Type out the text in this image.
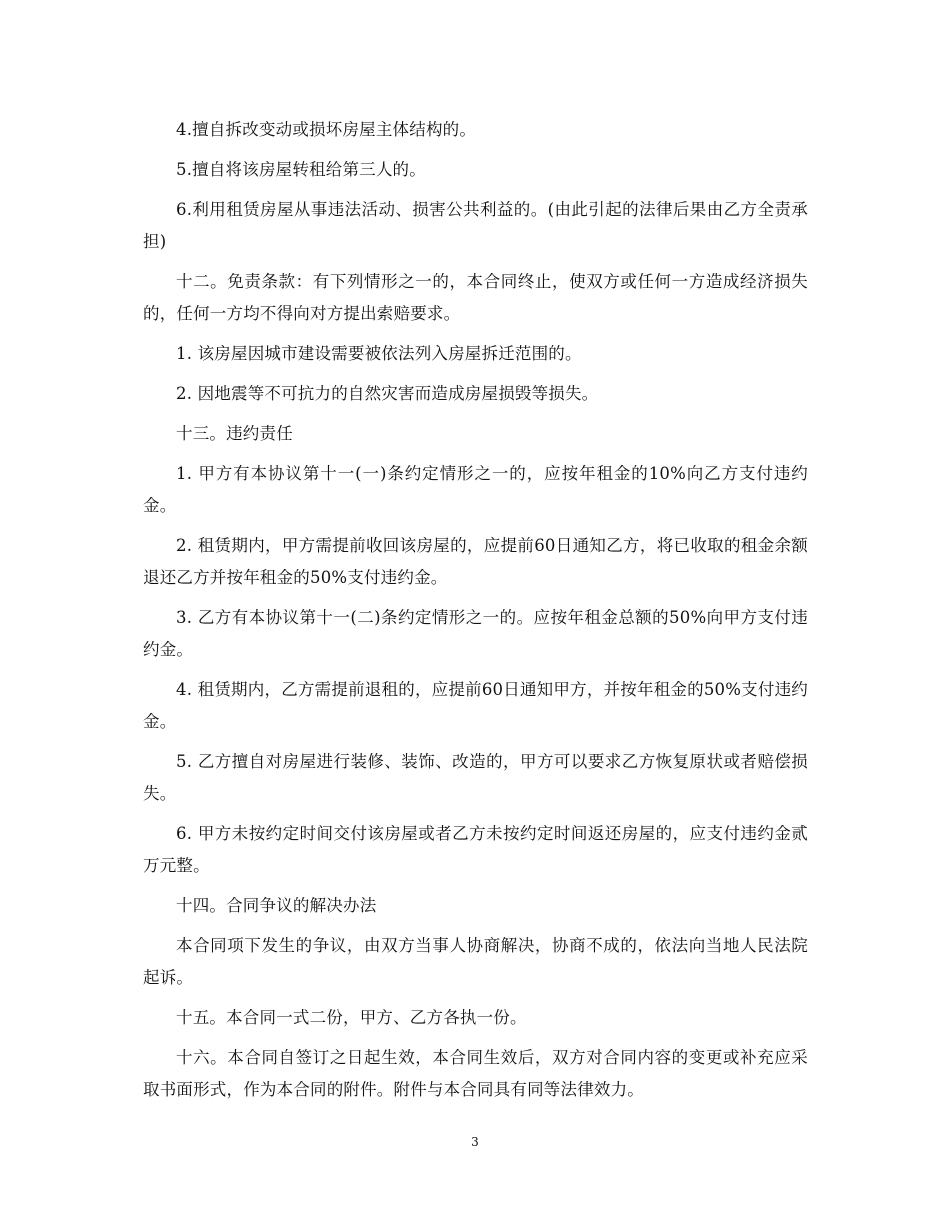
4.擅自拆改变动或损坏房屋主体结构的。

5.擅自将该房屋转租给第三人的。

6.利用租赁房屋从事违法活动、损害公共利益的。(由此引起的法律后果由乙方全责承担)

十二。免责条款：有下列情形之一的，本合同终止，使双方或任何一方造成经济损失的，任何一方均不得向对方提出索赔要求。

1. 该房屋因城市建设需要被依法列入房屋拆迁范围的。

2. 因地震等不可抗力的自然灾害而造成房屋损毁等损失。

十三。违约责任

1. 甲方有本协议第十一(一)条约定情形之一的，应按年租金的10%向乙方支付违约金。

2. 租赁期内，甲方需提前收回该房屋的，应提前60日通知乙方，将已收取的租金余额退还乙方并按年租金的50%支付违约金。

3. 乙方有本协议第十一(二)条约定情形之一的。应按年租金总额的50%向甲方支付违约金。

4. 租赁期内，乙方需提前退租的，应提前60日通知甲方，并按年租金的50%支付违约金。

5. 乙方擅自对房屋进行装修、装饰、改造的，甲方可以要求乙方恢复原状或者赔偿损失。

6. 甲方未按约定时间交付该房屋或者乙方未按约定时间返还房屋的，应支付违约金贰万元整。

十四。合同争议的解决办法

本合同项下发生的争议，由双方当事人协商解决，协商不成的，依法向当地人民法院起诉。

十五。本合同一式二份，甲方、乙方各执一份。

十六。本合同自签订之日起生效，本合同生效后，双方对合同内容的变更或补充应采取书面形式，作为本合同的附件。附件与本合同具有同等法律效力。

3
